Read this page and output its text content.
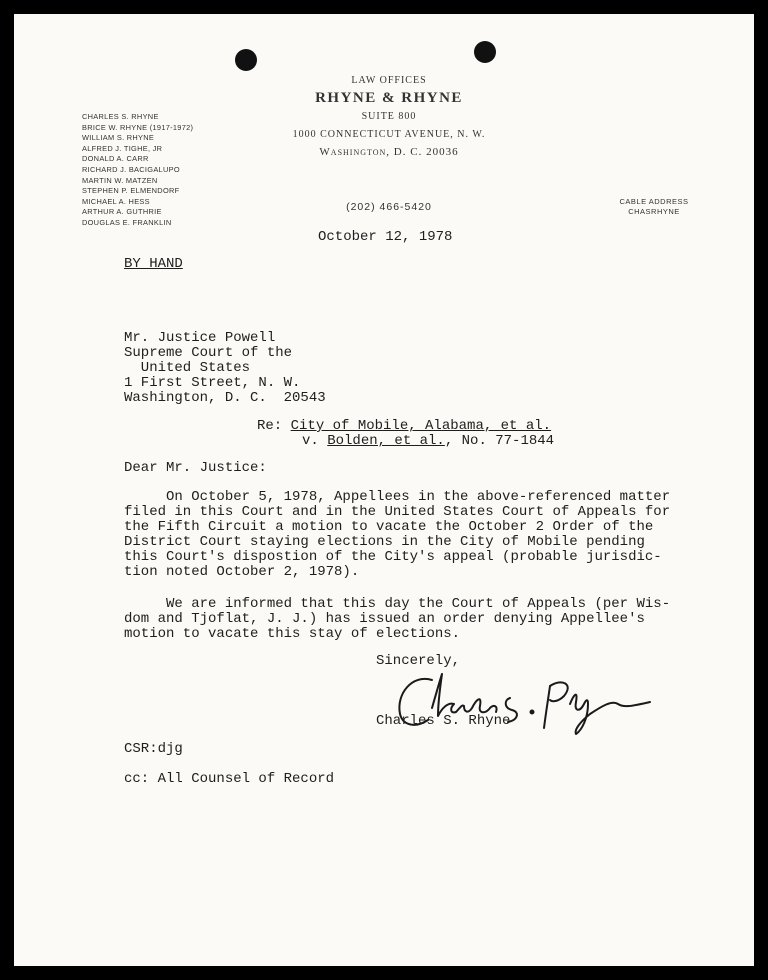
LAW OFFICES
RHYNE & RHYNE
SUITE 800
1000 CONNECTICUT AVENUE, N. W.
Washington, D. C. 20036
CHARLES S. RHYNE
BRICE W. RHYNE (1917-1972)
WILLIAM S. RHYNE
ALFRED J. TIGHE, JR
DONALD A. CARR
RICHARD J. BACIGALUPO
MARTIN W. MATZEN
STEPHEN P. ELMENDORF
MICHAEL A. HESS
ARTHUR A. GUTHRIE
DOUGLAS E. FRANKLIN
(202) 466-5420	CABLE ADDRESS
CHASRHYNE
October 12, 1978
BY HAND
Mr. Justice Powell
Supreme Court of the
United States
1 First Street, N. W.
Washington, D. C.  20543
Re: City of Mobile, Alabama, et al.
v. Bolden, et al., No. 77-1844
Dear Mr. Justice:
On October 5, 1978, Appellees in the above-referenced matter
filed in this Court and in the United States Court of Appeals for
the Fifth Circuit a motion to vacate the October 2 Order of the
District Court staying elections in the City of Mobile pending
this Court's dispostion of the City's appeal (probable jurisdic-
tion noted October 2, 1978).
We are informed that this day the Court of Appeals (per Wis-
dom and Tjoflat, J. J.) has issued an order denying Appellee's
motion to vacate this stay of elections.
Sincerely,
Charles S. Rhyne
CSR:djg
cc: All Counsel of Record
